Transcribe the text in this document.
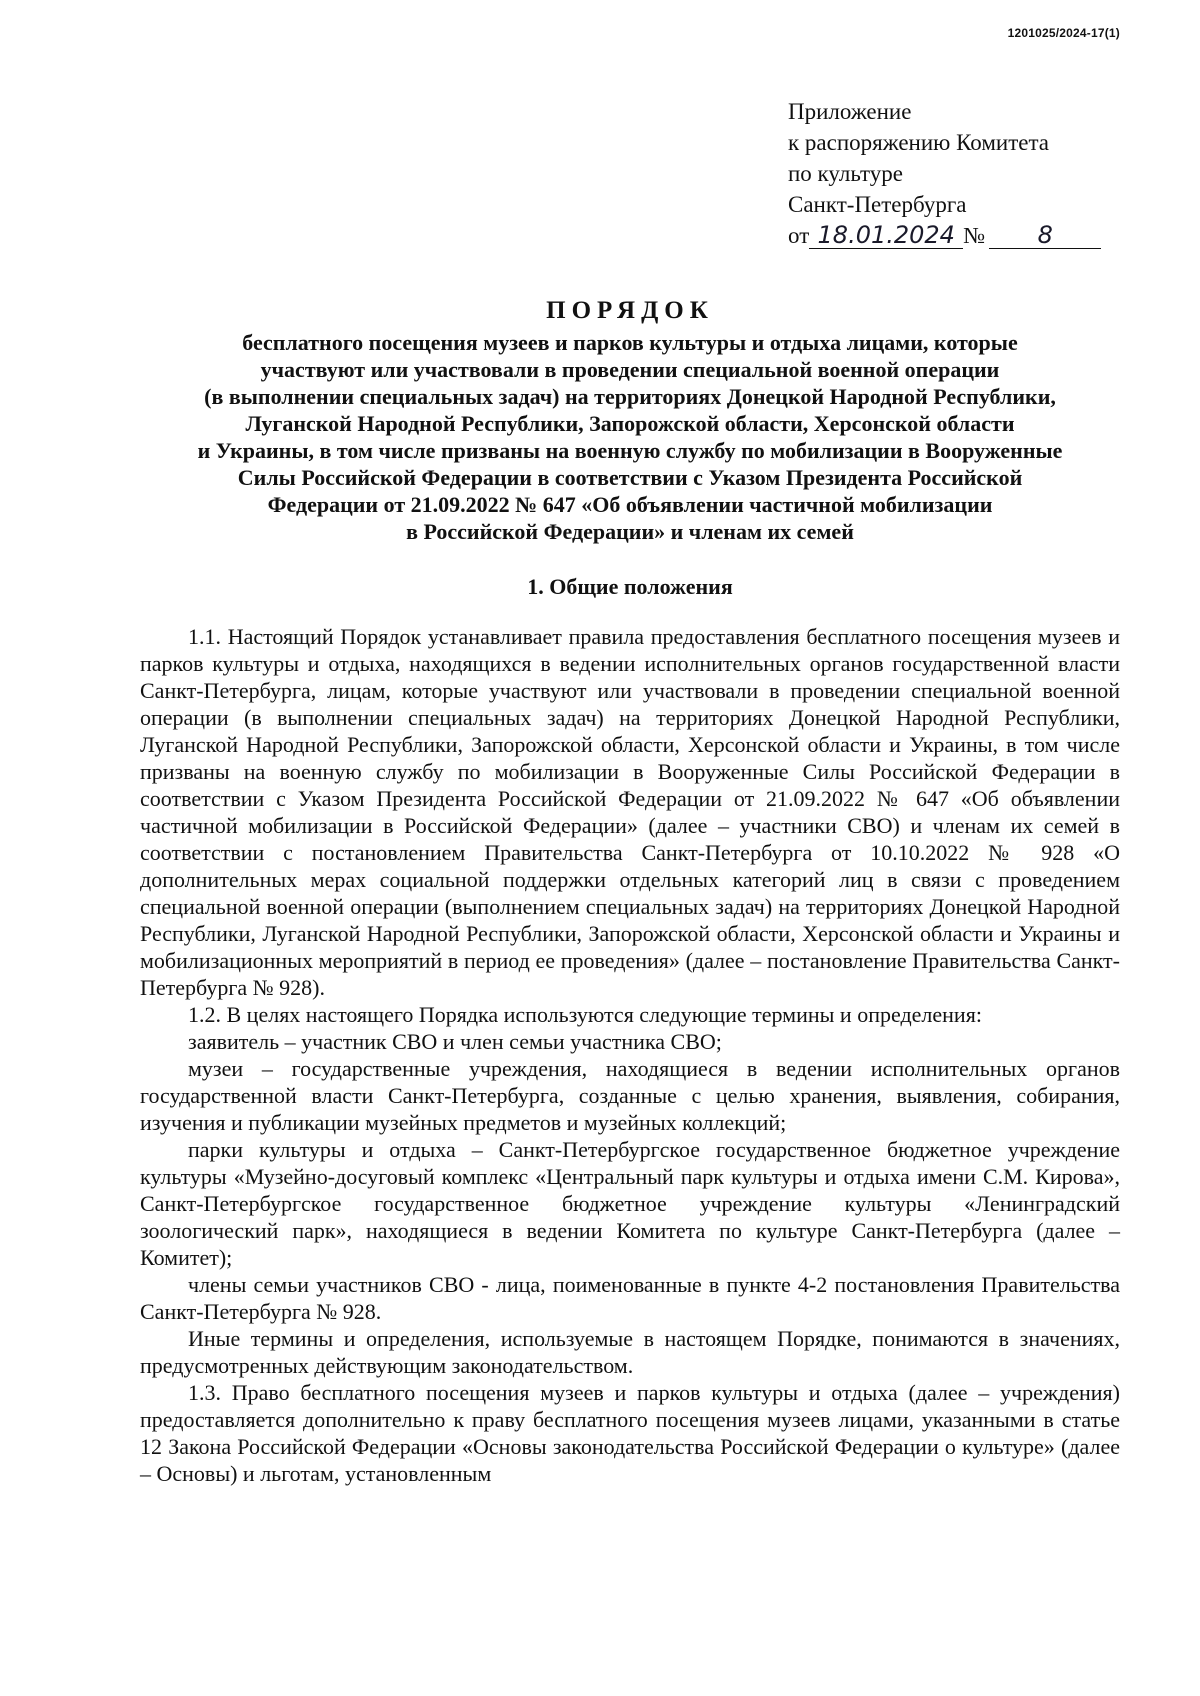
1201025/2024-17(1)
Приложение
к распоряжению Комитета
по культуре
Санкт-Петербурга
от 18.01.2024 № 8
ПОРЯДОК
бесплатного посещения музеев и парков культуры и отдыха лицами, которые
участвуют или участвовали в проведении специальной военной операции
(в выполнении специальных задач) на территориях Донецкой Народной Республики,
Луганской Народной Республики, Запорожской области, Херсонской области
и Украины, в том числе призваны на военную службу по мобилизации в Вооруженные
Силы Российской Федерации в соответствии с Указом Президента Российской
Федерации от 21.09.2022 № 647 «Об объявлении частичной мобилизации
в Российской Федерации» и членам их семей
1. Общие положения

1.1. Настоящий Порядок устанавливает правила предоставления бесплатного посещения музеев и парков культуры и отдыха, находящихся в ведении исполнительных органов государственной власти Санкт-Петербурга, лицам, которые участвуют или участвовали в проведении специальной военной операции (в выполнении специальных задач) на территориях Донецкой Народной Республики, Луганской Народной Республики, Запорожской области, Херсонской области и Украины, в том числе призваны на военную службу по мобилизации в Вооруженные Силы Российской Федерации в соответствии с Указом Президента Российской Федерации от 21.09.2022 № 647 «Об объявлении частичной мобилизации в Российской Федерации» (далее – участники СВО) и членам их семей в соответствии с постановлением Правительства Санкт-Петербурга от 10.10.2022 № 928 «О дополнительных мерах социальной поддержки отдельных категорий лиц в связи с проведением специальной военной операции (выполнением специальных задач) на территориях Донецкой Народной Республики, Луганской Народной Республики, Запорожской области, Херсонской области и Украины и мобилизационных мероприятий в период ее проведения» (далее – постановление Правительства Санкт-Петербурга № 928).

1.2. В целях настоящего Порядка используются следующие термины и определения:

заявитель – участник СВО и член семьи участника СВО;

музеи – государственные учреждения, находящиеся в ведении исполнительных органов государственной власти Санкт-Петербурга, созданные с целью хранения, выявления, собирания, изучения и публикации музейных предметов и музейных коллекций;

парки культуры и отдыха – Санкт-Петербургское государственное бюджетное учреждение культуры «Музейно-досуговый комплекс «Центральный парк культуры и отдыха имени С.М. Кирова», Санкт-Петербургское государственное бюджетное учреждение культуры «Ленинградский зоологический парк», находящиеся в ведении Комитета по культуре Санкт-Петербурга (далее – Комитет);

члены семьи участников СВО - лица, поименованные в пункте 4-2 постановления Правительства Санкт-Петербурга № 928.

Иные термины и определения, используемые в настоящем Порядке, понимаются в значениях, предусмотренных действующим законодательством.

1.3. Право бесплатного посещения музеев и парков культуры и отдыха (далее – учреждения) предоставляется дополнительно к праву бесплатного посещения музеев лицами, указанными в статье 12 Закона Российской Федерации «Основы законодательства Российской Федерации о культуре» (далее – Основы) и льготам, установленным
